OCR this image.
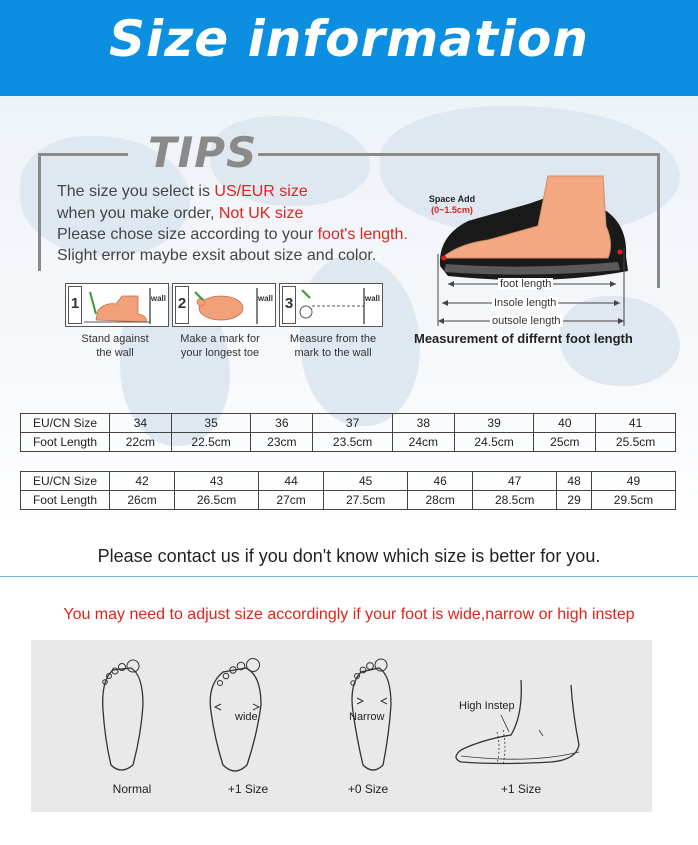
Size information
TIPS
The size you select is US/EUR size
when you make order, Not UK size
Please chose size according to your foot's length.
Slight error maybe exsit about size and color.
1	wall 2	wall 3	wall
Stand against
the wall
Make a mark for
your longest toe
Measure from the
mark to the wall
Space Add
(0~1.5cm)
foot length
Insole length
outsole length
Measurement of differnt foot length
EU/CN Size	34	35	36	37	38	39	40	41
Foot Length	22cm	22.5cm	23cm	23.5cm	24cm	24.5cm	25cm	25.5cm
EU/CN Size	42	43	44	45	46	47	48	49
Foot Length	26cm	26.5cm	27cm	27.5cm	28cm	28.5cm	29	29.5cm
Please contact us if you don't know which size is better for you.
You may need to adjust size accordingly if your foot is wide,narrow or high instep
wide	Narrow
High Instep
Normal	+1 Size	+0 Size	+1 Size
